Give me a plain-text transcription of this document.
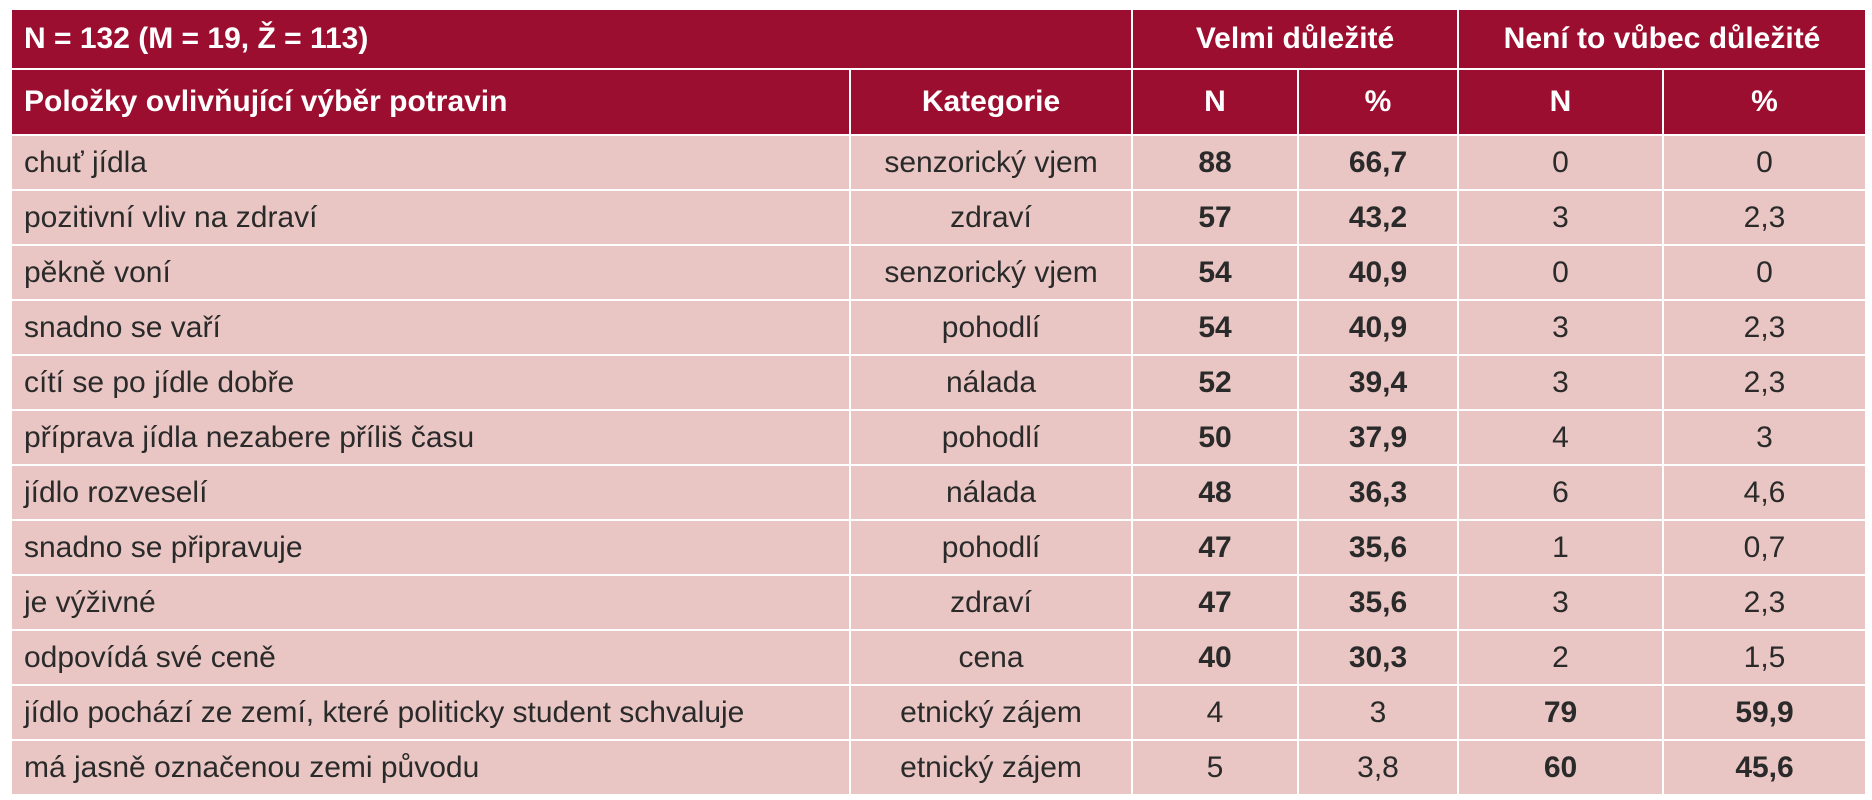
N = 132 (M = 19, Ž = 113)		Velmi důležité		Není to vůbec důležité	
Položky ovlivňující výběr potravin	Kategorie	N	%	N	%
chuť jídla	senzorický vjem	88	66,7	0	0
pozitivní vliv na zdraví	zdraví	57	43,2	3	2,3
pěkně voní	senzorický vjem	54	40,9	0	0
snadno se vaří	pohodlí	54	40,9	3	2,3
cítí se po jídle dobře	nálada	52	39,4	3	2,3
příprava jídla nezabere příliš času	pohodlí	50	37,9	4	3
jídlo rozveselí	nálada	48	36,3	6	4,6
snadno se připravuje	pohodlí	47	35,6	1	0,7
je výživné	zdraví	47	35,6	3	2,3
odpovídá své ceně	cena	40	30,3	2	1,5
jídlo pochází ze zemí, které politicky student schvaluje	etnický zájem	4	3	79	59,9
má jasně označenou zemi původu	etnický zájem	5	3,8	60	45,6
